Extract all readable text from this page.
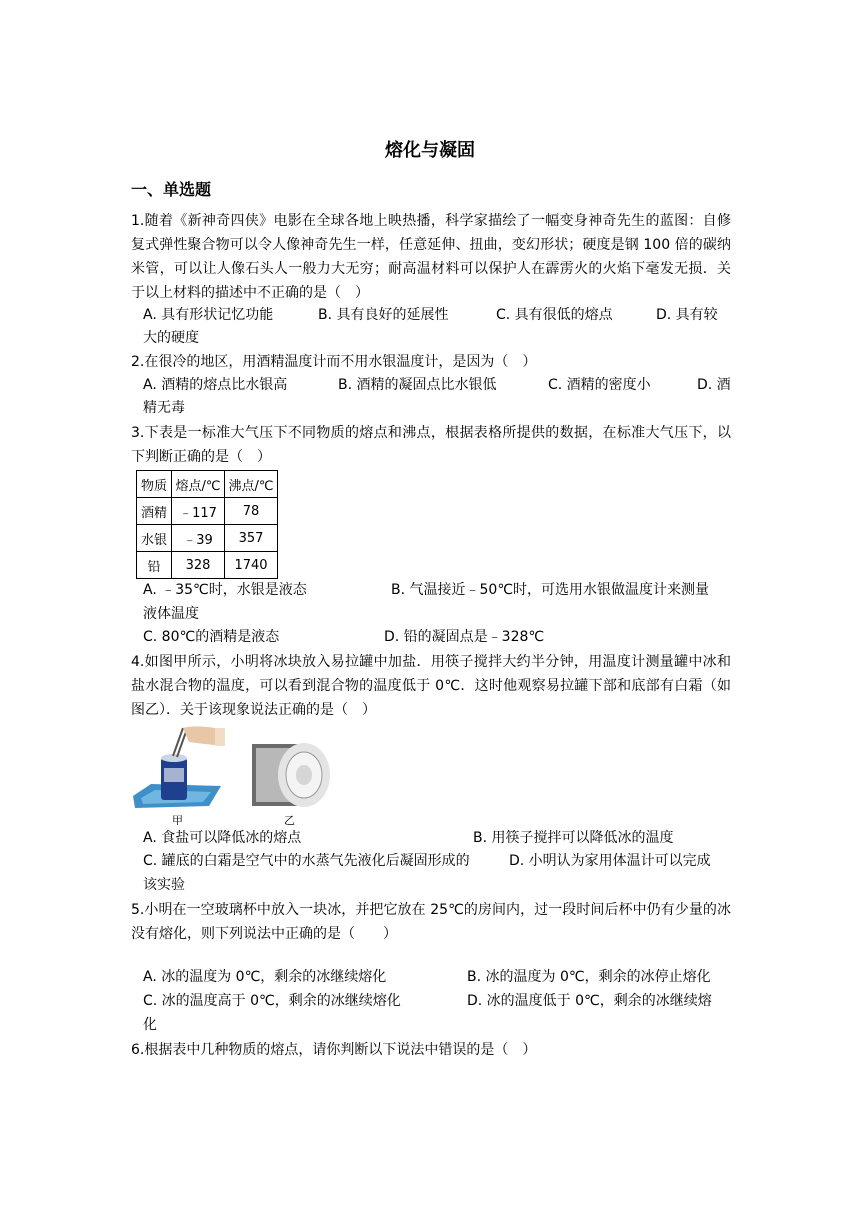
熔化与凝固
一、单选题
1.随着《新神奇四侠》电影在全球各地上映热播，科学家描绘了一幅变身神奇先生的蓝图：自修复式弹性聚合物可以令人像神奇先生一样，任意延伸、扭曲，变幻形状；硬度是钢 100 倍的碳纳米管，可以让人像石头人一般力大无穷；耐高温材料可以保护人在霹雳火的火焰下毫发无损．关于以上材料的描述中不正确的是（　）
A. 具有形状记忆功能	B. 具有良好的延展性	C. 具有很低的熔点	D. 具有较
大的硬度
2.在很冷的地区，用酒精温度计而不用水银温度计，是因为（　）
A. 酒精的熔点比水银高	B. 酒精的凝固点比水银低	C. 酒精的密度小	D. 酒
精无毒
3.下表是一标准大气压下不同物质的熔点和沸点，根据表格所提供的数据，在标准大气压下，以下判断正确的是（　）
物质	熔点/℃	沸点/℃
酒精	﹣117	78
水银	﹣39	357
铅	328	1740
A. ﹣35℃时，水银是液态	B. 气温接近﹣50℃时，可选用水银做温度计来测量
液体温度
C. 80℃的酒精是液态	D. 铅的凝固点是﹣328℃
4.如图甲所示，小明将冰块放入易拉罐中加盐．用筷子搅拌大约半分钟，用温度计测量罐中冰和盐水混合物的温度，可以看到混合物的温度低于 0℃．这时他观察易拉罐下部和底部有白霜（如图乙）．关于该现象说法正确的是（　）
甲	乙
A. 食盐可以降低冰的熔点	B. 用筷子搅拌可以降低冰的温度
C. 罐底的白霜是空气中的水蒸气先液化后凝固形成的	D. 小明认为家用体温计可以完成
该实验
5.小明在一空玻璃杯中放入一块冰，并把它放在 25℃的房间内，过一段时间后杯中仍有少量的冰没有熔化，则下列说法中正确的是（　　）
A. 冰的温度为 0℃，剩余的冰继续熔化	B. 冰的温度为 0℃，剩余的冰停止熔化
C. 冰的温度高于 0℃，剩余的冰继续熔化	D. 冰的温度低于 0℃，剩余的冰继续熔
化
6.根据表中几种物质的熔点，请你判断以下说法中错误的是（　）
